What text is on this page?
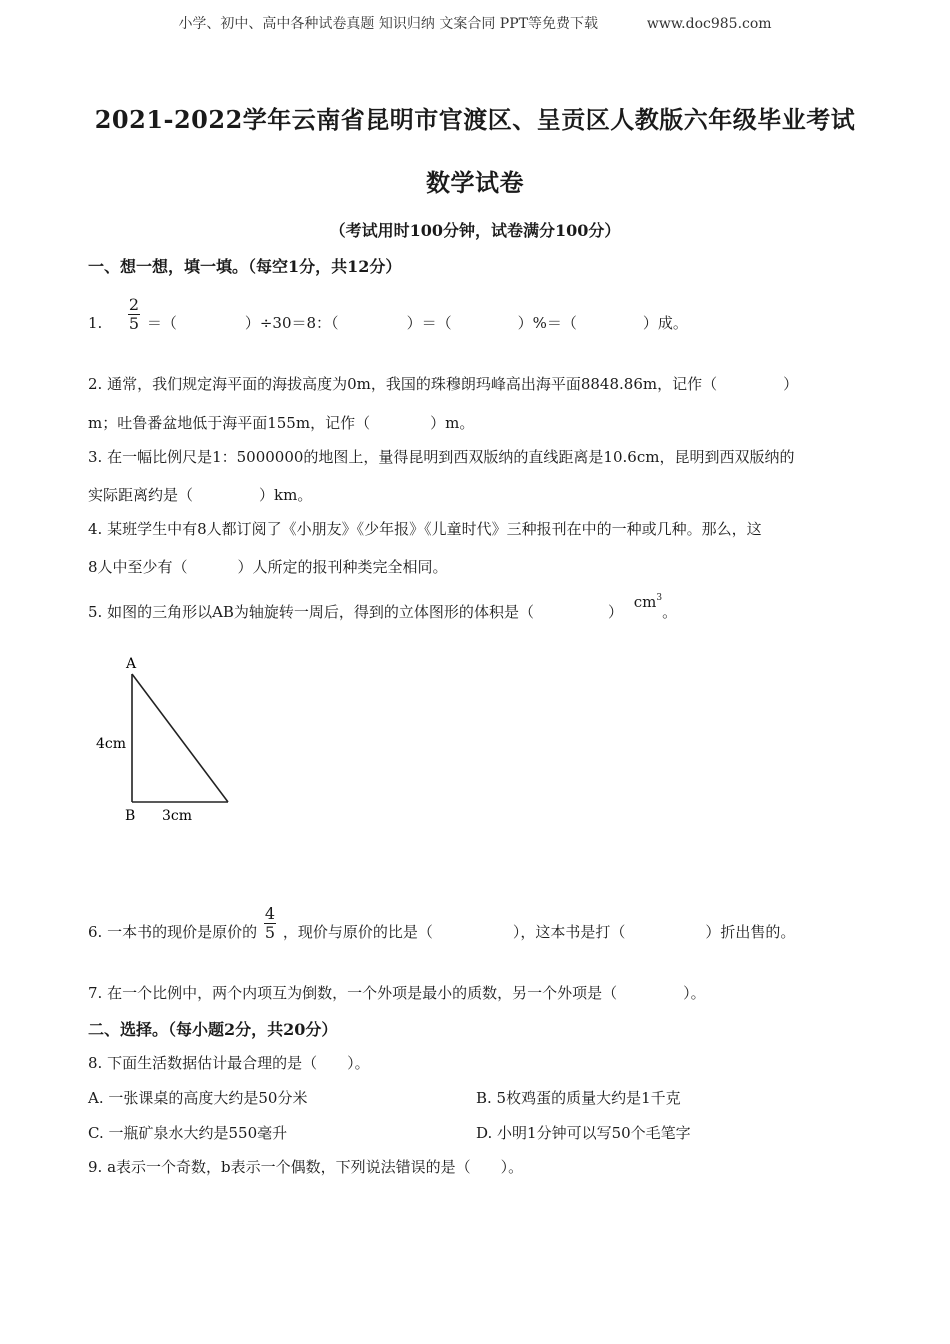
小学、初中、高中各种试卷真题 知识归纳 文案合同 PPT等免费下载	www.doc985.com
2021-2022学年云南省昆明市官渡区、呈贡区人教版六年级毕业考试
数学试卷
（考试用时100分钟，试卷满分100分）
一、想一想，填一填。（每空1分，共12分）
1. $\frac{2}{5}$ ＝（	）÷30＝8：（	）＝（	）%＝（	）成。
2. 通常，我们规定海平面的海拔高度为0m，我国的珠穆朗玛峰高出海平面8848.86m，记作（	）
m；吐鲁番盆地低于海平面155m，记作（	）m。
3. 在一幅比例尺是1：5000000的地图上，量得昆明到西双版纳的直线距离是10.6cm，昆明到西双版纳的
实际距离约是（	）km。
4. 某班学生中有8人都订阅了《小朋友》《少年报》《儿童时代》三种报刊在中的一种或几种。那么，这
8人中至少有（	）人所定的报刊种类完全相同。
5. 如图的三角形以AB为轴旋转一周后，得到的立体图形的体积是（	） $cm^3$。
A
B
4cm
3cm
6. 一本书的现价是原价的 $\frac{4}{5}$ ，现价与原价的比是（	），这本书是打（	）折出售的。
7. 在一个比例中，两个内项互为倒数，一个外项是最小的质数，另一个外项是（	）。
二、选择。（每小题2分，共20分）
8. 下面生活数据估计最合理的是（　　）。
A. 一张课桌的高度大约是50分米	B. 5枚鸡蛋的质量大约是1千克
C. 一瓶矿泉水大约是550毫升	D. 小明1分钟可以写50个毛笔字
9. a表示一个奇数，b表示一个偶数，下列说法错误的是（　　）。
